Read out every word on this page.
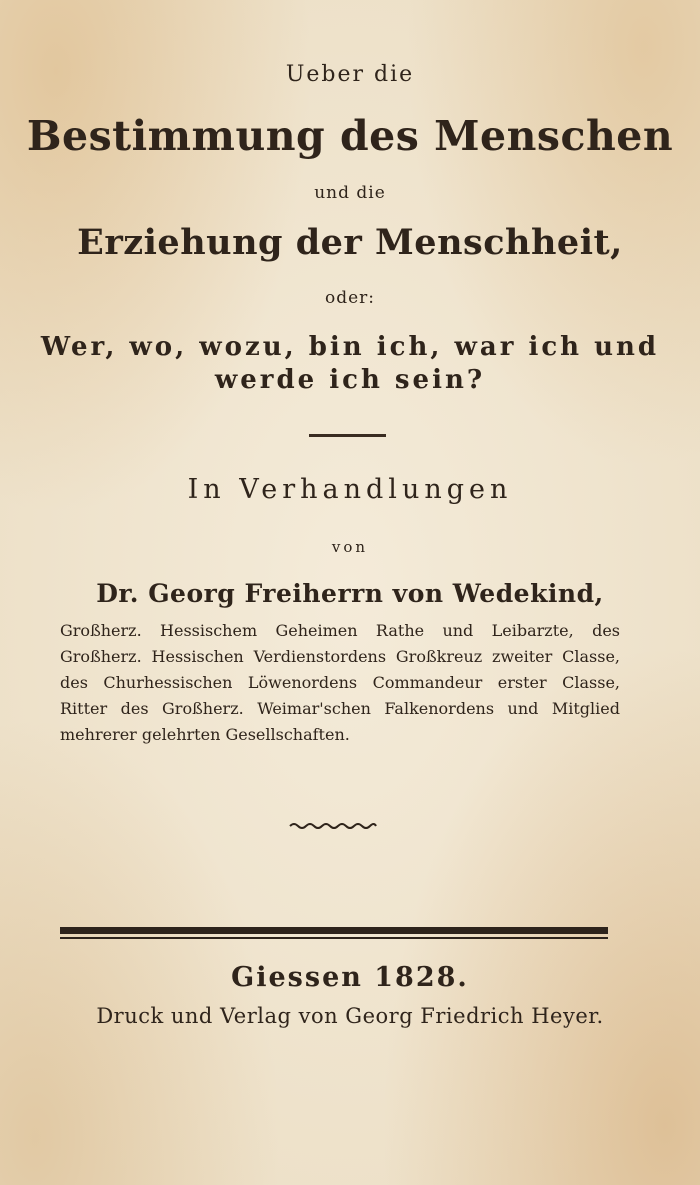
Ueber die
Bestimmung des Menschen
und die
Erziehung der Menschheit,
oder:
Wer, wo, wozu, bin ich, war ich und
werde ich sein?
In Verhandlungen
von
Dr. Georg Freiherrn von Wedekind,
Großherz. Hessischem Geheimen Rathe und Leibarzte, des Großherz. Hessischen Verdienstordens Großkreuz zweiter Classe, des Churhessischen Löwenordens Commandeur erster Classe, Ritter des Großherz. Weimar'schen Falkenordens und Mitglied mehrerer gelehrten Gesellschaften.
Giessen 1828.
Druck und Verlag von Georg Friedrich Heyer.
